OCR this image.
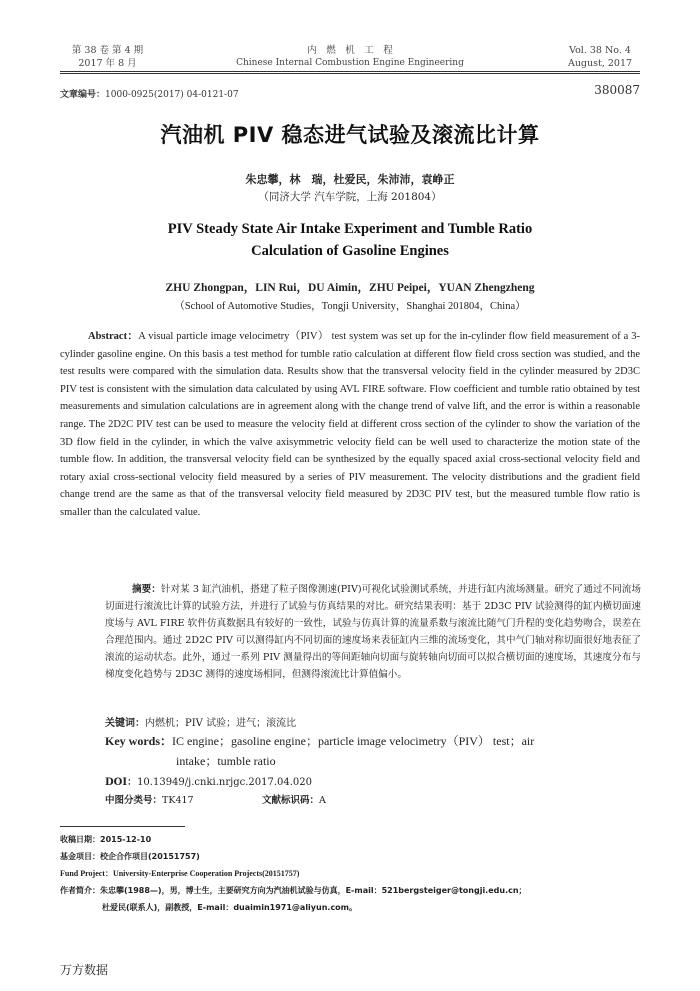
第 38 卷 第 4 期
2017 年 8 月
内　燃　机　工　程
Chinese Internal Combustion Engine Engineering
Vol. 38 No. 4
August, 2017
文章编号：1000-0925(2017) 04-0121-07	380087
汽油机 PIV 稳态进气试验及滚流比计算
朱忠攀，林　瑞，杜爱民，朱沛沛，袁峥正
（同济大学 汽车学院，上海 201804）
PIV Steady State Air Intake Experiment and Tumble Ratio
Calculation of Gasoline Engines
ZHU Zhongpan，LIN Rui，DU Aimin，ZHU Peipei，YUAN Zhengzheng
（School of Automotive Studies，Tongji University，Shanghai 201804，China）
Abstract：A visual particle image velocimetry（PIV） test system was set up for the in-cylinder flow field measurement of a 3-cylinder gasoline engine. On this basis a test method for tumble ratio calculation at different flow field cross section was studied, and the test results were compared with the simulation data. Results show that the transversal velocity field in the cylinder measured by 2D3C PIV test is consistent with the simulation data calculated by using AVL FIRE software. Flow coefficient and tumble ratio obtained by test measurements and simulation calculations are in agreement along with the change trend of valve lift, and the error is within a reasonable range. The 2D2C PIV test can be used to measure the velocity field at different cross section of the cylinder to show the variation of the 3D flow field in the cylinder, in which the valve axisymmetric velocity field can be well used to characterize the motion state of the tumble flow. In addition, the transversal velocity field can be synthesized by the equally spaced axial cross-sectional velocity field and rotary axial cross-sectional velocity field measured by a series of PIV measurement. The velocity distributions and the gradient field change trend are the same as that of the transversal velocity field measured by 2D3C PIV test, but the measured tumble flow ratio is smaller than the calculated value.
摘要：针对某 3 缸汽油机，搭建了粒子图像测速(PIV)可视化试验测试系统，并进行缸内流场测量。研究了通过不同流场切面进行滚流比计算的试验方法，并进行了试验与仿真结果的对比。研究结果表明：基于 2D3C PIV 试验测得的缸内横切面速度场与 AVL FIRE 软件仿真数据具有较好的一致性，试验与仿真计算的流量系数与滚流比随气门升程的变化趋势吻合，误差在合理范围内。通过 2D2C PIV 可以测得缸内不同切面的速度场来表征缸内三维的流场变化，其中气门轴对称切面很好地表征了滚流的运动状态。此外，通过一系列 PIV 测量得出的等间距轴向切面与旋转轴向切面可以拟合横切面的速度场，其速度分布与梯度变化趋势与 2D3C 测得的速度场相同，但测得滚流比计算值偏小。
关键词：内燃机；PIV 试验；进气；滚流比
Key words：IC engine；gasoline engine；particle image velocimetry（PIV） test；air
intake；tumble ratio
DOI：10.13949/j.cnki.nrjgc.2017.04.020
中图分类号：TK417	文献标识码：A
收稿日期：2015-12-10
基金项目：校企合作项目(20151757)
Fund Project：University-Enterprise Cooperation Projects(20151757)
作者简介：朱忠攀(1988—)，男，博士生，主要研究方向为汽油机试验与仿真，E-mail：521bergsteiger@tongji.edu.cn；
杜爱民(联系人)，副教授，E-mail：duaimin1971@aliyun.com。
万方数据
